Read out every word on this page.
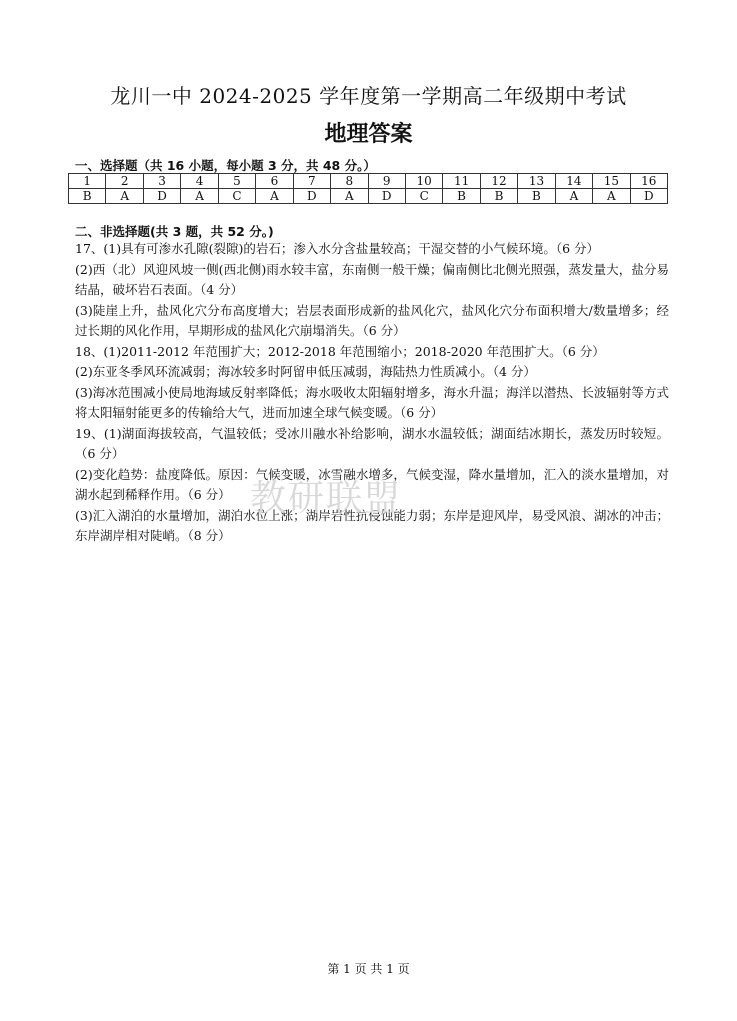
龙川一中 2024-2025 学年度第一学期高二年级期中考试
地理答案
一、选择题（共 16 小题，每小题 3 分，共 48 分。）
1	2	3	4	5	6	7	8	9	10	11	12	13	14	15	16
B	A	D	A	C	A	D	A	D	C	B	B	B	A	A	D
二、非选择题(共 3 题，共 52 分。)

17、(1)具有可渗水孔隙(裂隙)的岩石；渗入水分含盐量较高；干湿交替的小气候环境。（6 分）

(2)西（北）风迎风坡一侧(西北侧)雨水较丰富，东南侧一般干燥；偏南侧比北侧光照强，蒸发量大，盐分易结晶，破坏岩石表面。（4 分）

(3)陡崖上升，盐风化穴分布高度增大；岩层表面形成新的盐风化穴，盐风化穴分布面积增大/数量增多；经过长期的风化作用，早期形成的盐风化穴崩塌消失。（6 分）

18、(1)2011-2012 年范围扩大；2012-2018 年范围缩小；2018-2020 年范围扩大。（6 分）

(2)东亚冬季风环流减弱；海冰较多时阿留申低压减弱，海陆热力性质减小。（4 分）

(3)海冰范围减小使局地海域反射率降低；海水吸收太阳辐射增多，海水升温；海洋以潜热、长波辐射等方式将太阳辐射能更多的传输给大气，进而加速全球气候变暖。（6 分）

19、(1)湖面海拔较高，气温较低；受冰川融水补给影响，湖水水温较低；湖面结冰期长，蒸发历时较短。（6 分）

(2)变化趋势：盐度降低。原因：气候变暖，冰雪融水增多，气候变湿，降水量增加，汇入的淡水量增加，对湖水起到稀释作用。（6 分）

(3)汇入湖泊的水量增加，湖泊水位上涨；湖岸岩性抗侵蚀能力弱；东岸是迎风岸，易受风浪、湖冰的冲击；东岸湖岸相对陡峭。（8 分）

教研联盟
第 1 页 共 1 页
